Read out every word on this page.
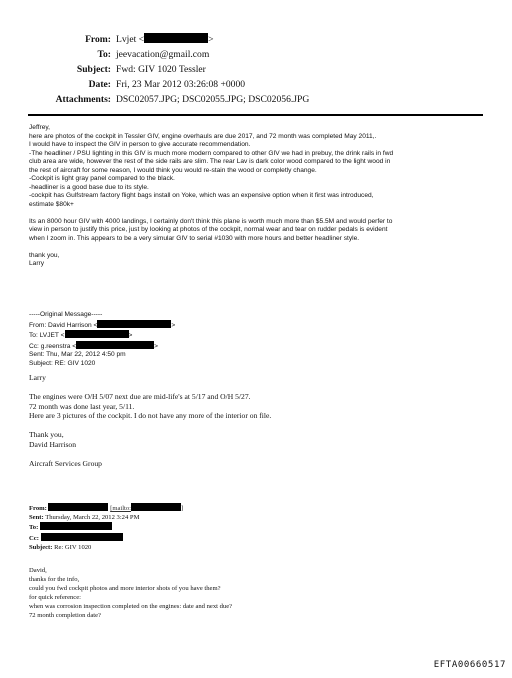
From: Lvjet <	>
To: jeevacation@gmail.com
Subject: Fwd: GIV 1020 Tessler
Date: Fri, 23 Mar 2012 03:26:08 +0000
Attachments: DSC02057.JPG; DSC02055.JPG; DSC02056.JPG
Jeffrey,
here are photos of the cockpit in Tessler GIV, engine overhauls are due 2017, and 72 month was completed May 2011,.
I would have to inspect the GIV in person to give accurate recommendation.
-The headliner / PSU lighting in this GIV is much more modern compared to other GIV we had in prebuy, the drink rails in fwd
club area are wide, however the rest of the side rails are slim. The rear Lav is dark color wood compared to the light wood in
the rest of aircraft for some reason, I would think you would re-stain the wood or completly change.
-Cockpit is light gray panel compared to the black.
-headliner is a good base due to its style.
-cockpit has Gulfstream factory flight bags install on Yoke, which was an expensive option when it first was introduced,
estimate $80k+
Its an 8000 hour GIV with 4000 landings, I certainly don't think this plane is worth much more than $5.5M and would perfer to
view in person to justify this price, just by looking at photos of the cockpit, normal wear and tear on rudder pedals is evident
when I zoom in. This appears to be a very simular GIV to serial #1030 with more hours and better headliner style.
thank you,
Larry
-----Original Message-----
From: David Harrison <	>
To: LVJET <	>
Cc: g.reenstra <	>
Sent: Thu, Mar 22, 2012 4:50 pm
Subject: RE: GIV 1020
Larry
The engines were O/H 5/07 next due are mid-life's at 5/17 and O/H 5/27.
72 month was done last year, 5/11.
Here are 3 pictures of the cockpit. I do not have any more of the interior on file.
Thank you,
David Harrison
Aircraft Services Group
From:	[mailto:	]
Sent: Thursday, March 22, 2012 3:24 PM
To:
Cc:
Subject: Re: GIV 1020
David,
thanks for the info,
could you fwd cockpit photos and more interior shots of you have them?
for quick reference:
when was corrosion inspection completed on the engines: date and next due?
72 month completion date?
EFTA00660517
